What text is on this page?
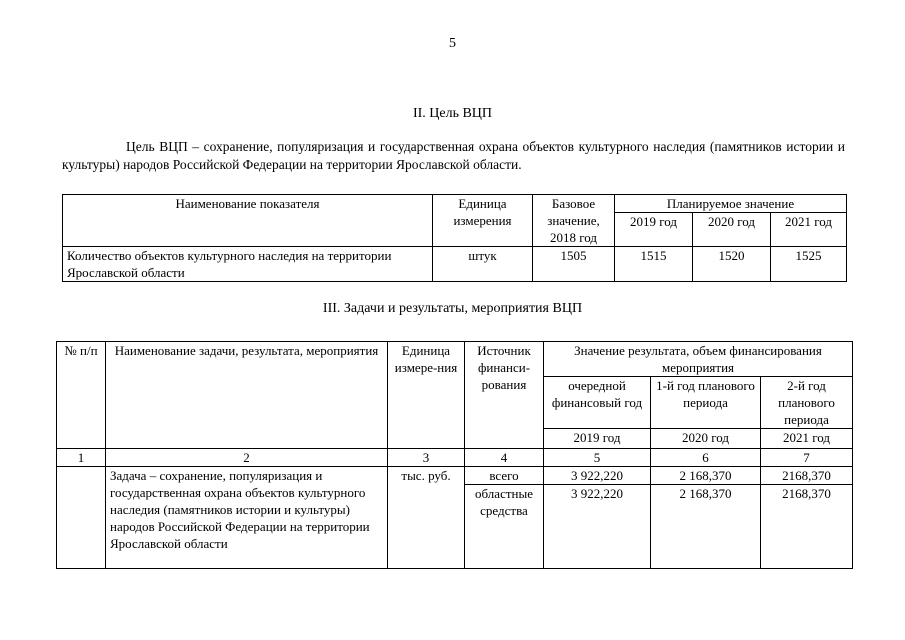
5
II. Цель ВЦП
Цель ВЦП – сохранение, популяризация и государственная охрана объектов культурного наследия (памятников истории и культуры) народов Российской Федерации на территории Ярославской области.
Наименование показателя	Единица измерения	Базовое значение, 2018 год	Планируемое значение		
			2019 год	2020 год	2021 год
Количество объектов культурного наследия на территории Ярославской области	штук	1505	1515	1520	1525
III. Задачи и результаты, мероприятия ВЦП
№ п/п	Наименование задачи, результата, мероприятия	Единица измере-ния	Источник финанси-рования	Значение результата, объем финансирования мероприятия		
				очередной финансовый год	1-й год планового периода	2-й год планового периода
				2019 год	2020 год	2021 год
1	2	3	4	5	6	7
	Задача – сохранение, популяризация и государственная охрана объектов культурного наследия (памятников истории и культуры) народов Российской Федерации на территории Ярославской области	тыс. руб.	всего	3 922,220	2 168,370	2168,370
			областные средства	3 922,220	2 168,370	2168,370
